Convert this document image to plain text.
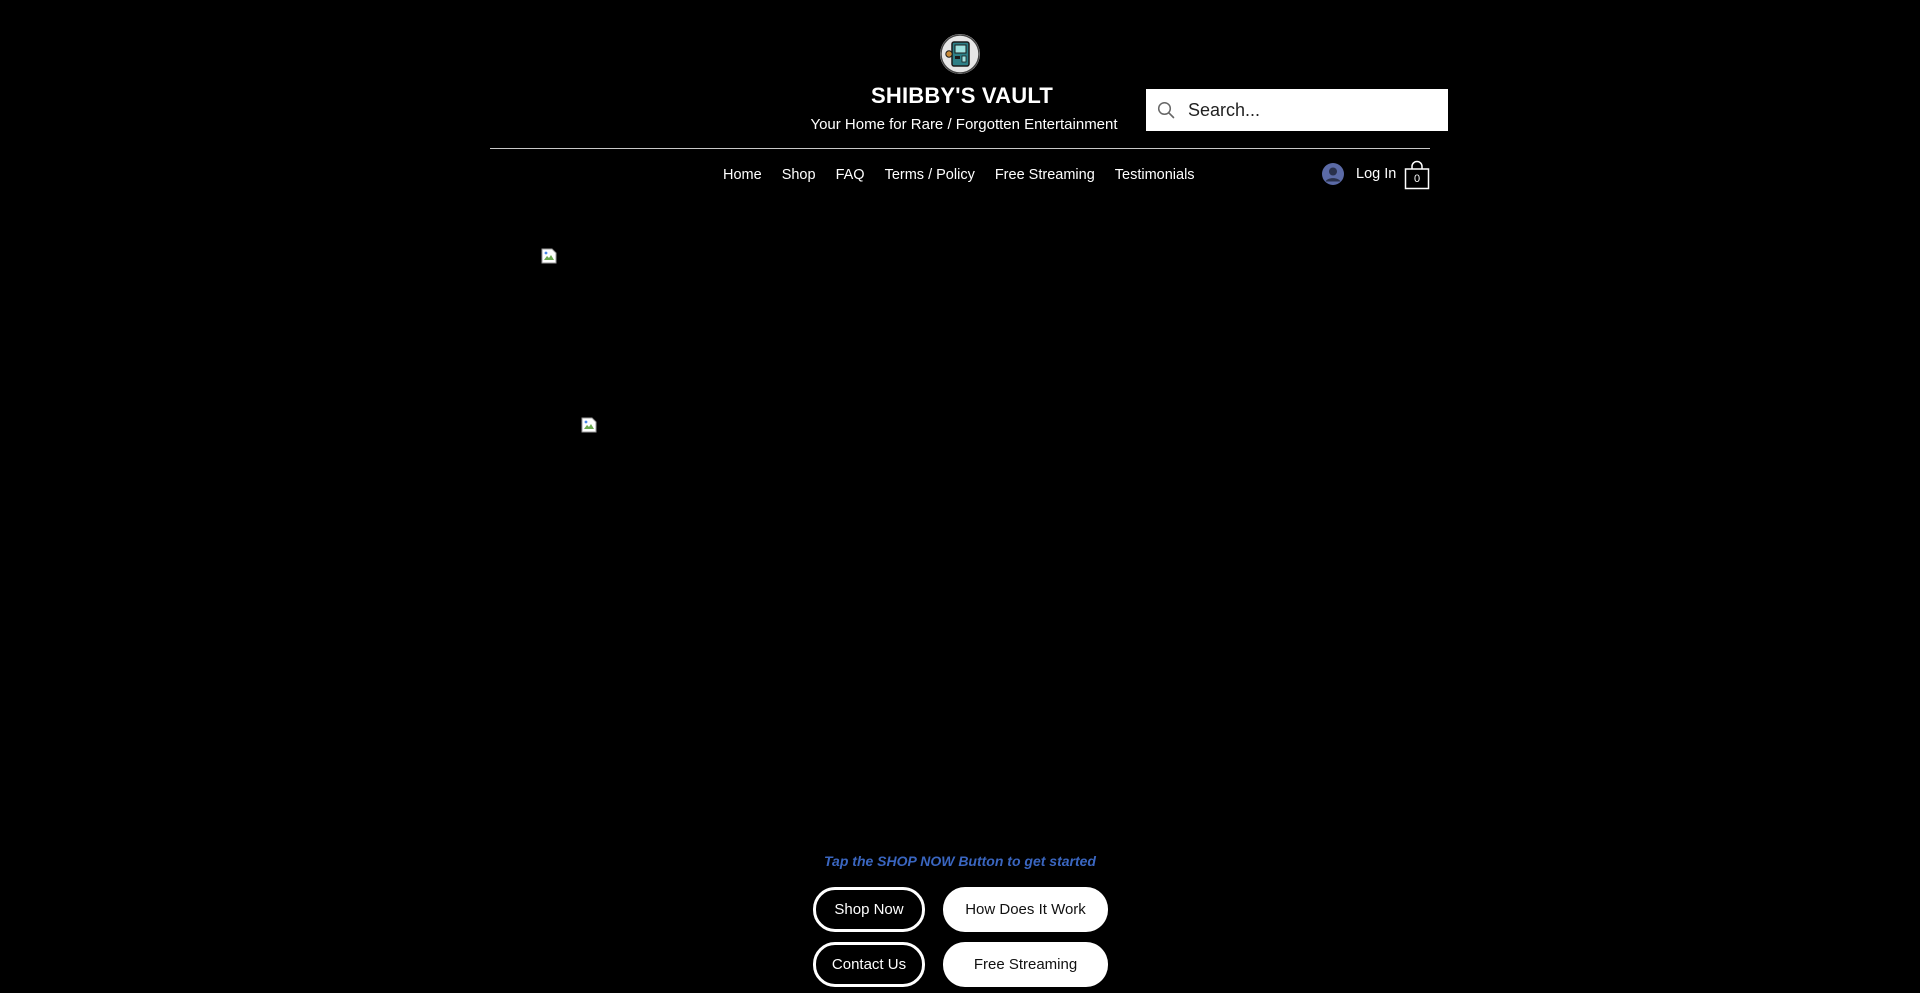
SHIBBY'S VAULT
Your Home for Rare / Forgotten Entertainment
Search...
Home	Shop	FAQ	Terms / Policy	Free Streaming	Testimonials	Log In	0
Tap the SHOP NOW Button to get started
Shop Now	How Does It Work
Contact Us	Free Streaming
